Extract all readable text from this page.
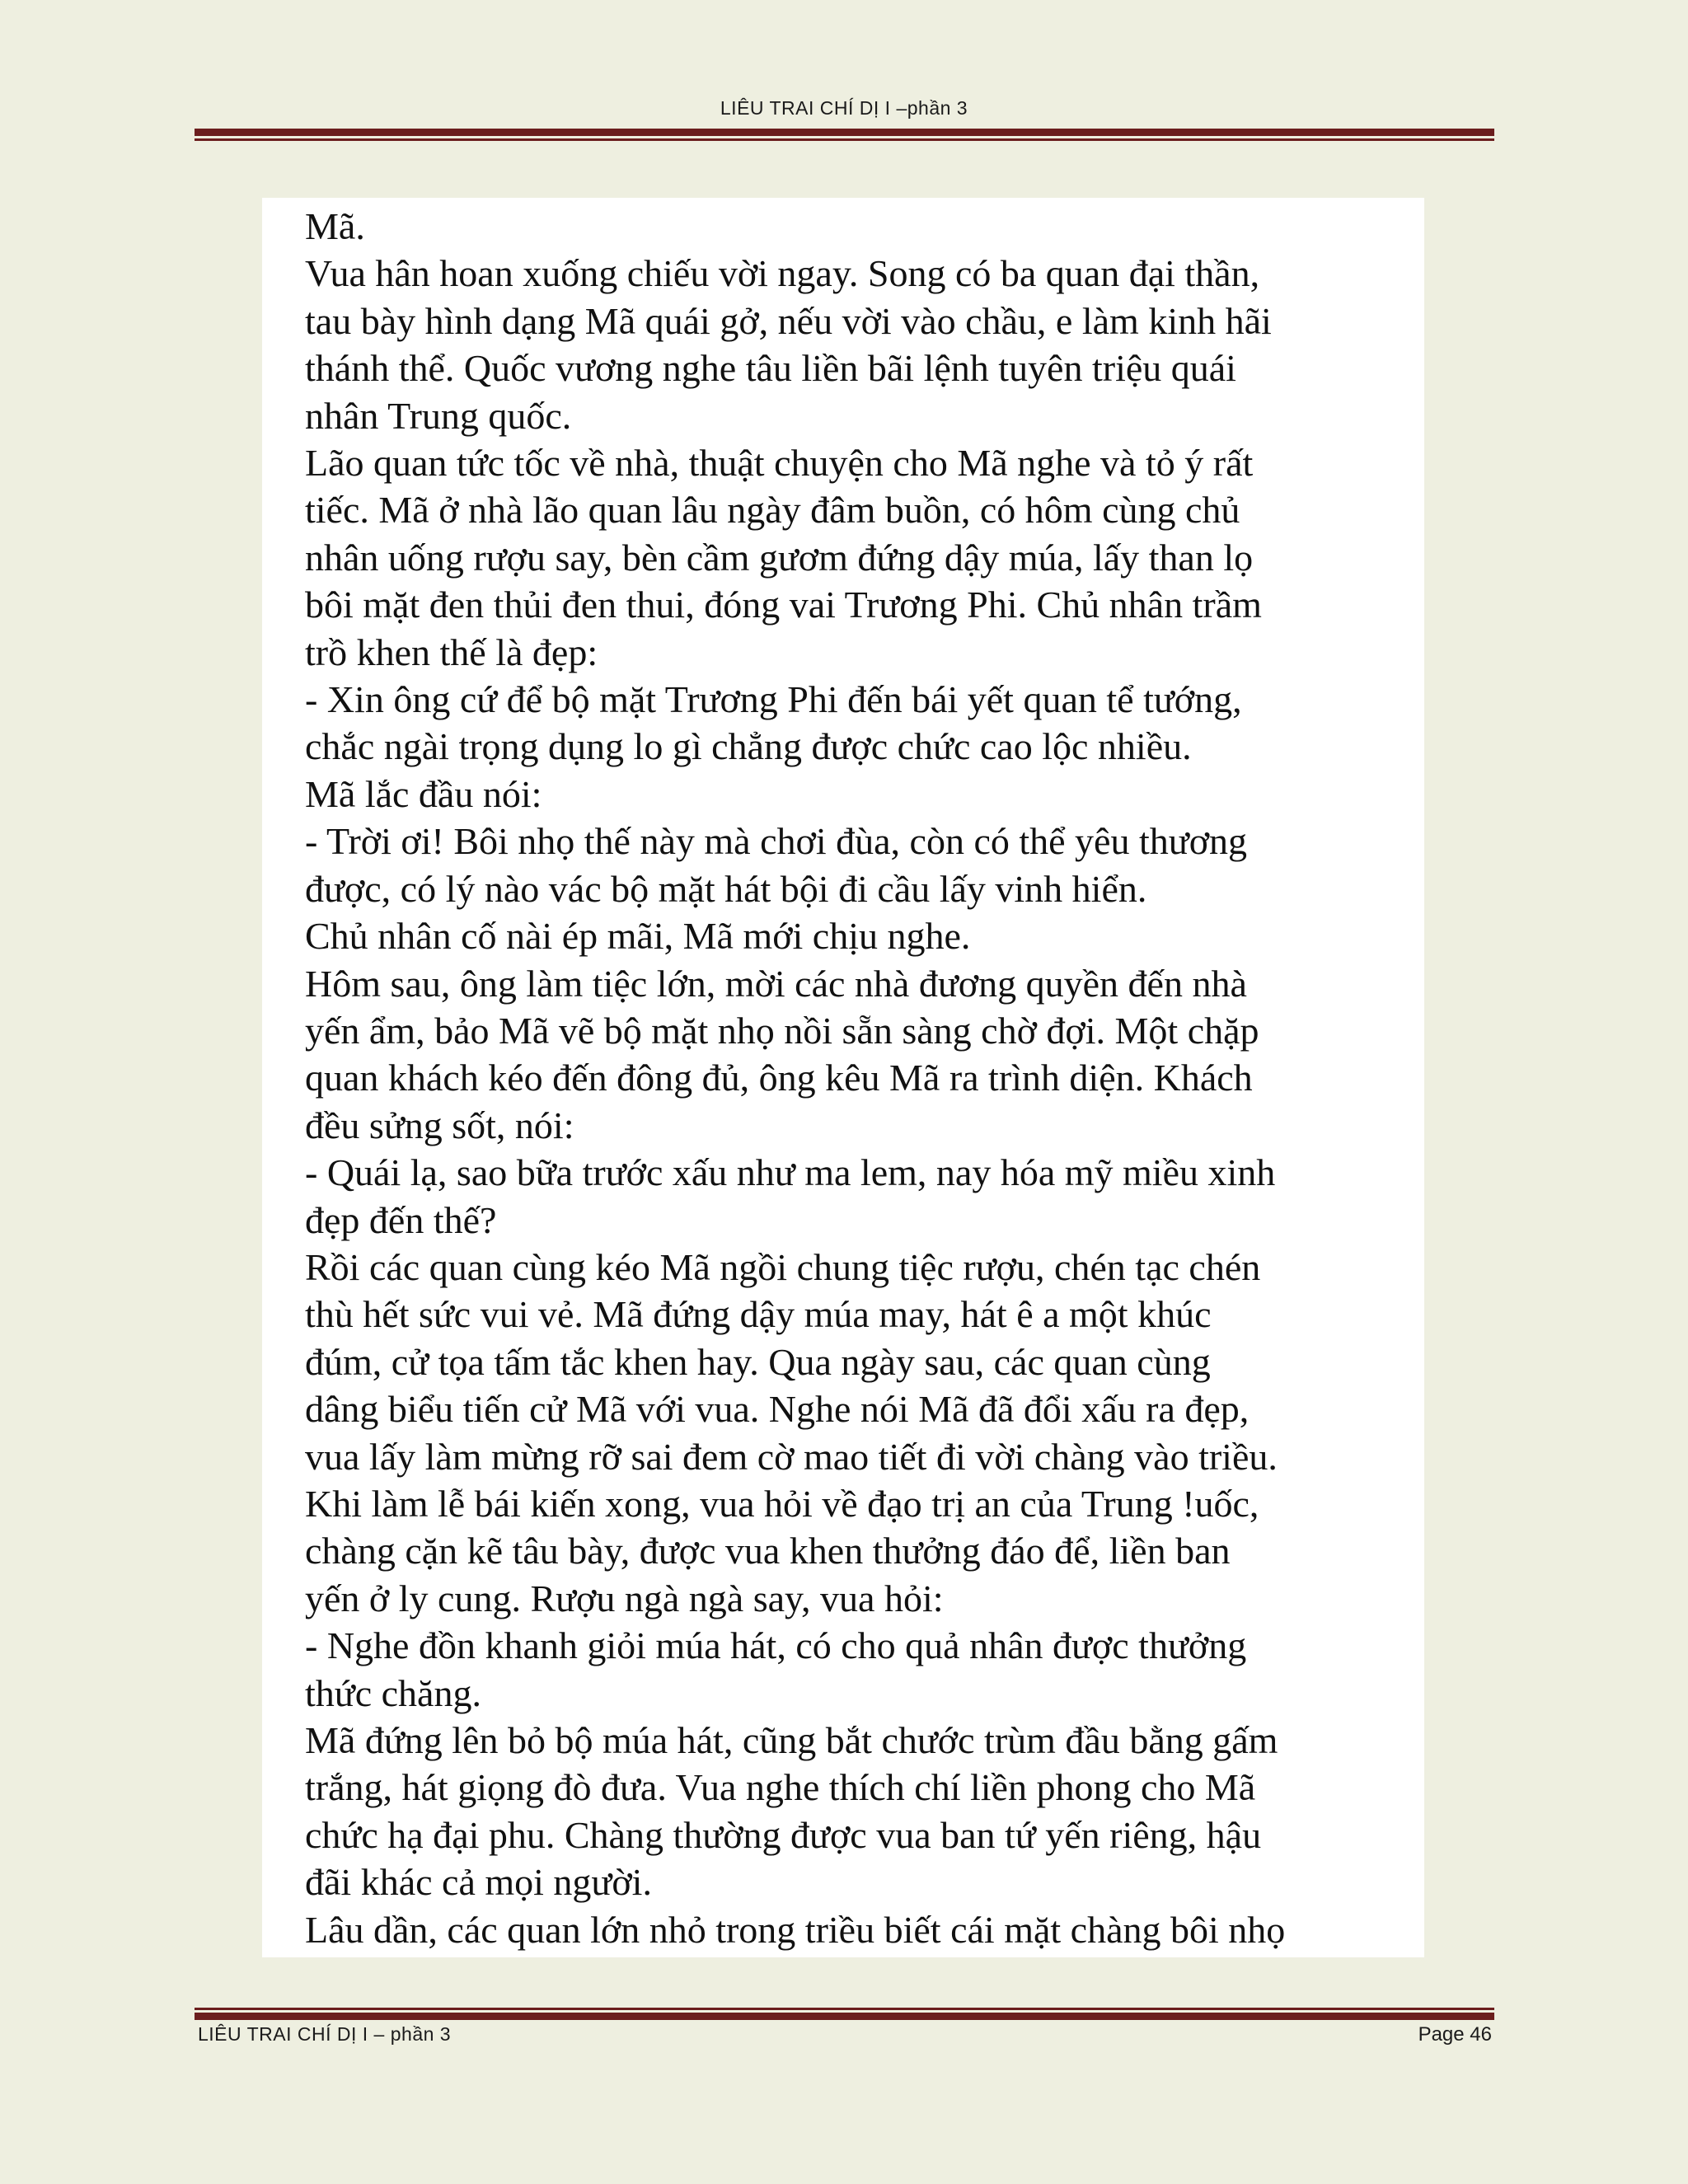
LIÊU TRAI CHÍ DỊ I –phần 3

Mã.

Vua hân hoan xuống chiếu vời ngay. Song có ba quan đại thần,

tau bày hình dạng Mã quái gở, nếu vời vào chầu, e làm kinh hãi

thánh thể. Quốc vương nghe tâu liền bãi lệnh tuyên triệu quái

nhân Trung quốc.

Lão quan tức tốc về nhà, thuật chuyện cho Mã nghe và tỏ ý rất

tiếc. Mã ở nhà lão quan lâu ngày đâm buồn, có hôm cùng chủ

nhân uống rượu say, bèn cầm gươm đứng dậy múa, lấy than lọ

bôi mặt đen thủi đen thui, đóng vai Trương Phi. Chủ nhân trầm

trồ khen thế là đẹp:

- Xin ông cứ để bộ mặt Trương Phi đến bái yết quan tể tướng,

chắc ngài trọng dụng lo gì chẳng được chức cao lộc nhiều.

Mã lắc đầu nói:

- Trời ơi! Bôi nhọ thế này mà chơi đùa, còn có thể yêu thương

được, có lý nào vác bộ mặt hát bội đi cầu lấy vinh hiển.

Chủ nhân cố nài ép mãi, Mã mới chịu nghe.

Hôm sau, ông làm tiệc lớn, mời các nhà đương quyền đến nhà

yến ẩm, bảo Mã vẽ bộ mặt nhọ nồi sẵn sàng chờ đợi. Một chặp

quan khách kéo đến đông đủ, ông kêu Mã ra trình diện. Khách

đều sửng sốt, nói:

- Quái lạ, sao bữa trước xấu như ma lem, nay hóa mỹ miều xinh

đẹp đến thế?

Rồi các quan cùng kéo Mã ngồi chung tiệc rượu, chén tạc chén

thù hết sức vui vẻ. Mã đứng dậy múa may, hát ê a một khúc

đúm, cử tọa tấm tắc khen hay. Qua ngày sau, các quan cùng

dâng biểu tiến cử Mã với vua. Nghe nói Mã đã đổi xấu ra đẹp,

vua lấy làm mừng rỡ sai đem cờ mao tiết đi vời chàng vào triều.

Khi làm lễ bái kiến xong, vua hỏi về đạo trị an của Trung !uốc,

chàng cặn kẽ tâu bày, được vua khen thưởng đáo để, liền ban

yến ở ly cung. Rượu ngà ngà say, vua hỏi:

- Nghe đồn khanh giỏi múa hát, có cho quả nhân được thưởng

thức chăng.

Mã đứng lên bỏ bộ múa hát, cũng bắt chước trùm đầu bằng gấm

trắng, hát giọng đò đưa. Vua nghe thích chí liền phong cho Mã

chức hạ đại phu. Chàng thường được vua ban tứ yến riêng, hậu

đãi khác cả mọi người.

Lâu dần, các quan lớn nhỏ trong triều biết cái mặt chàng bôi nhọ

LIÊU TRAI CHÍ DỊ I – phần 3	Page 46
